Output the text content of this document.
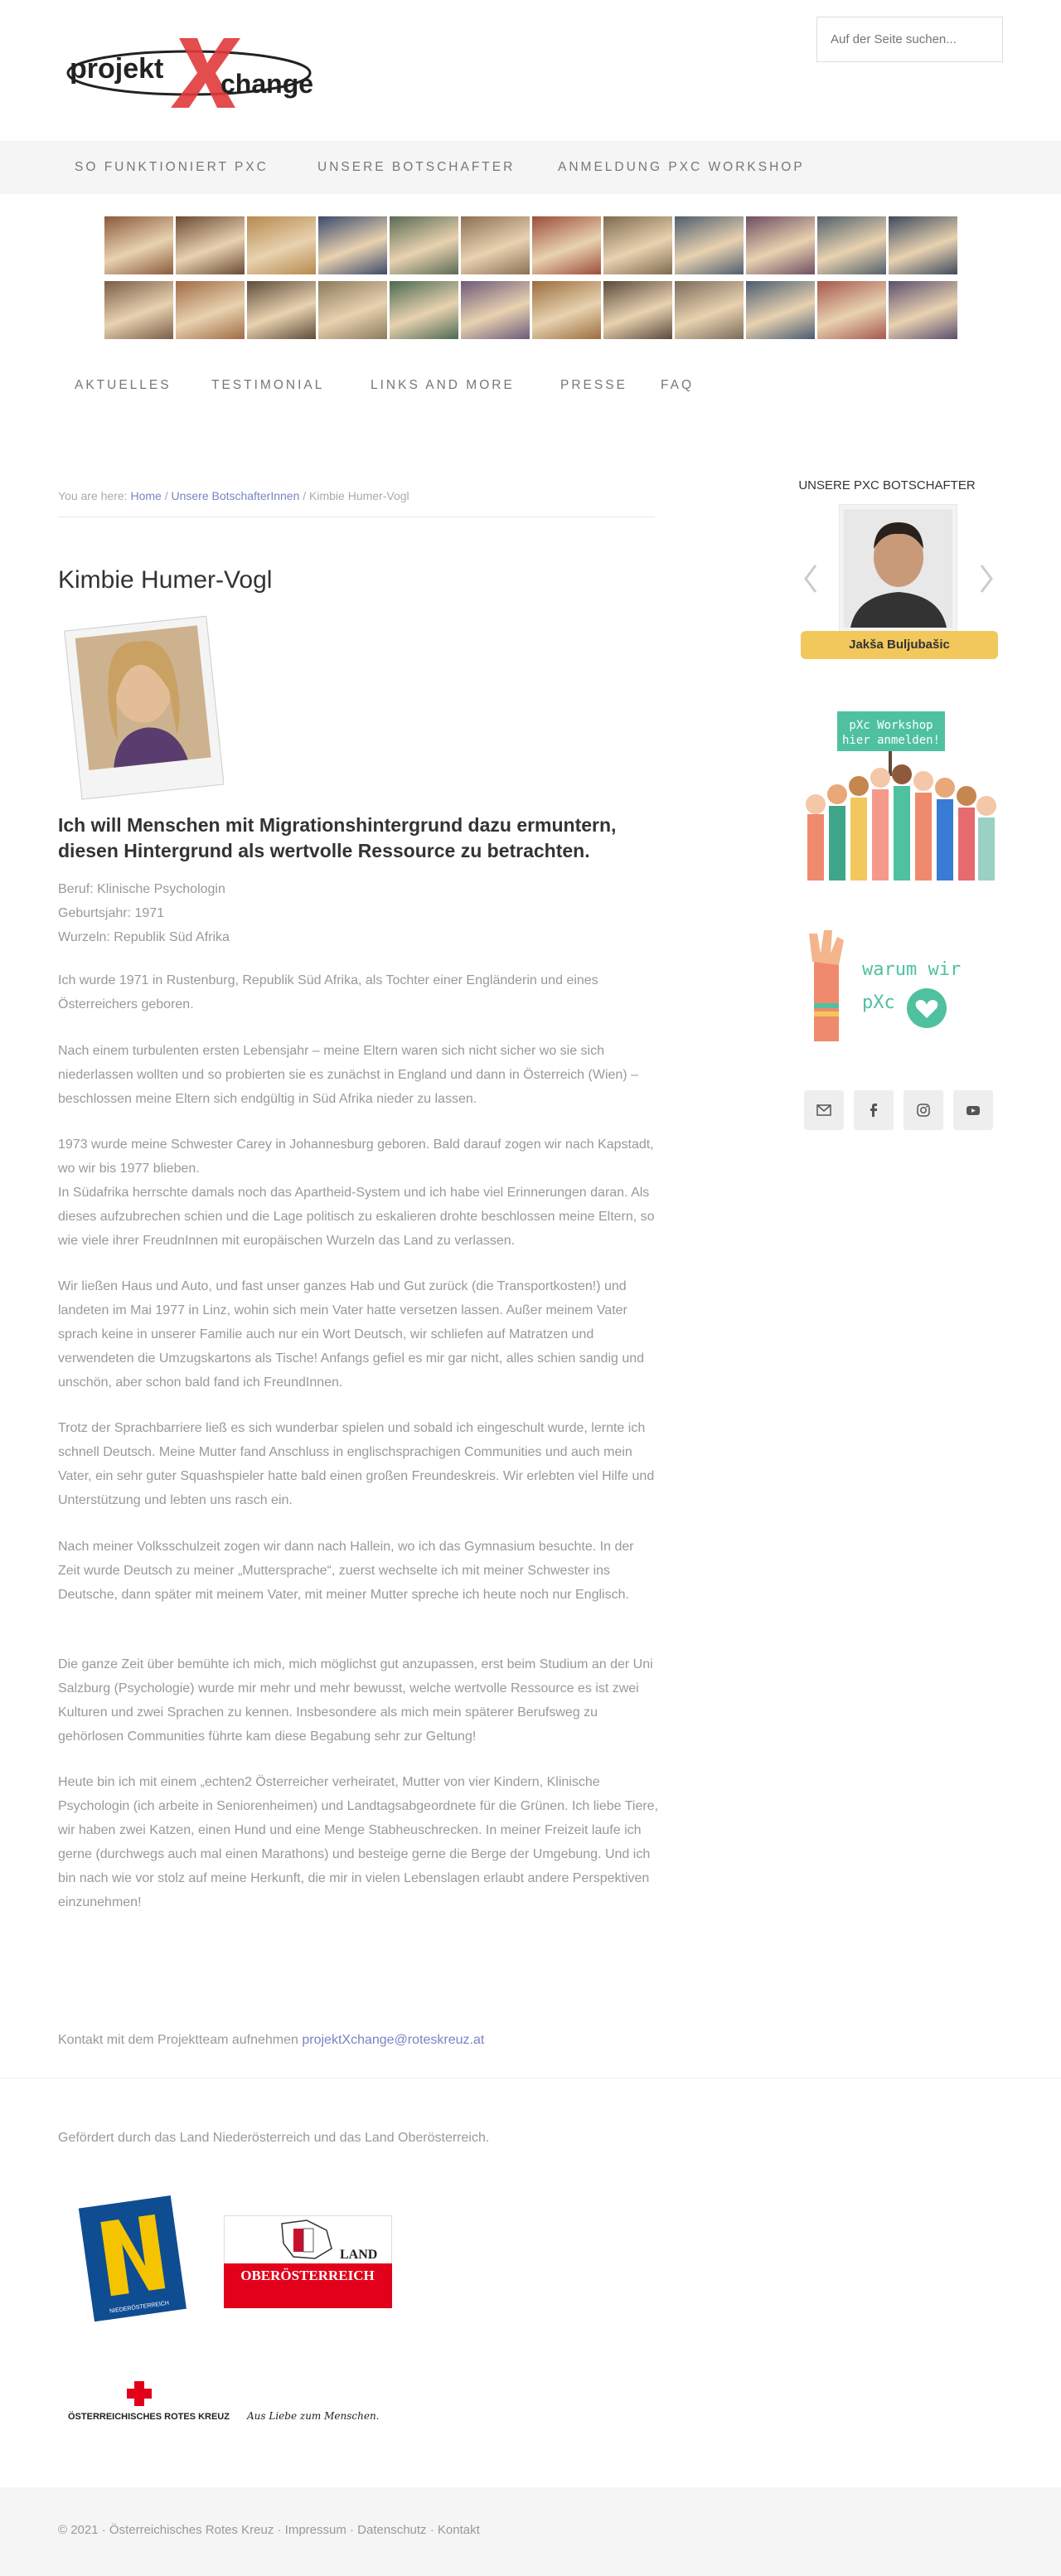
projekt change
Auf der Seite suchen...
SO FUNKTIONIERT PXC	UNSERE BOTSCHAFTER	ANMELDUNG PXC WORKSHOP
AKTUELLES	TESTIMONIAL	LINKS AND MORE	PRESSE	FAQ
You are here: Home / Unsere BotschafterInnen / Kimbie Humer-Vogl
Kimbie Humer-Vogl
Ich will Menschen mit Migrationshintergrund dazu ermuntern, diesen Hintergrund als wertvolle Ressource zu betrachten.
Beruf: Klinische Psychologin
Geburtsjahr: 1971
Wurzeln: Republik Süd Afrika

Ich wurde 1971 in Rustenburg, Republik Süd Afrika, als Tochter einer Engländerin und eines Österreichers geboren.

Nach einem turbulenten ersten Lebensjahr – meine Eltern waren sich nicht sicher wo sie sich niederlassen wollten und so probierten sie es zunächst in England und dann in Österreich (Wien) – beschlossen meine Eltern sich endgültig in Süd Afrika nieder zu lassen.

1973 wurde meine Schwester Carey in Johannesburg geboren. Bald darauf zogen wir nach Kapstadt, wo wir bis 1977 blieben.
In Südafrika herrschte damals noch das Apartheid-System und ich habe viel Erinnerungen daran. Als dieses aufzubrechen schien und die Lage politisch zu eskalieren drohte beschlossen meine Eltern, so wie viele ihrer FreudnInnen mit europäischen Wurzeln das Land zu verlassen.

Wir ließen Haus und Auto, und fast unser ganzes Hab und Gut zurück (die Transportkosten!) und landeten im Mai 1977 in Linz, wohin sich mein Vater hatte versetzen lassen. Außer meinem Vater sprach keine in unserer Familie auch nur ein Wort Deutsch, wir schliefen auf Matratzen und verwendeten die Umzugskartons als Tische! Anfangs gefiel es mir gar nicht, alles schien sandig und unschön, aber schon bald fand ich FreundInnen.

Trotz der Sprachbarriere ließ es sich wunderbar spielen und sobald ich eingeschult wurde, lernte ich schnell Deutsch. Meine Mutter fand Anschluss in englischsprachigen Communities und auch mein Vater, ein sehr guter Squashspieler hatte bald einen großen Freundeskreis. Wir erlebten viel Hilfe und Unterstützung und lebten uns rasch ein.

Nach meiner Volksschulzeit zogen wir dann nach Hallein, wo ich das Gymnasium besuchte. In der Zeit wurde Deutsch zu meiner „Muttersprache“, zuerst wechselte ich mit meiner Schwester ins Deutsche, dann später mit meinem Vater, mit meiner Mutter spreche ich heute noch nur Englisch.

Die ganze Zeit über bemühte ich mich, mich möglichst gut anzupassen, erst beim Studium an der Uni Salzburg (Psychologie) wurde mir mehr und mehr bewusst, welche wertvolle Ressource es ist zwei Kulturen und zwei Sprachen zu kennen. Insbesondere als mich mein späterer Berufsweg zu gehörlosen Communities führte kam diese Begabung sehr zur Geltung!

Heute bin ich mit einem „echten2 Österreicher verheiratet, Mutter von vier Kindern, Klinische Psychologin (ich arbeite in Seniorenheimen) und Landtagsabgeordnete für die Grünen. Ich liebe Tiere, wir haben zwei Katzen, einen Hund und eine Menge Stabheuschrecken. In meiner Freizeit laufe ich gerne (durchwegs auch mal einen Marathons) und besteige gerne die Berge der Umgebung. Und ich bin nach wie vor stolz auf meine Herkunft, die mir in vielen Lebenslagen erlaubt andere Perspektiven einzunehmen!

Kontakt mit dem Projektteam aufnehmen projektXchange@roteskreuz.at
Gefördert durch das Land Niederösterreich und das Land Oberösterreich.
NIEDERÖSTERREICH
LAND
OBERÖSTERREICH
ÖSTERREICHISCHES ROTES KREUZ Aus Liebe zum Menschen.
UNSERE PXC BOTSCHAFTER
Jakša Buljubašic
pXc Workshop
hier anmelden!
warum wir
pXc
© 2021 · Österreichisches Rotes Kreuz · Impressum · Datenschutz · Kontakt
